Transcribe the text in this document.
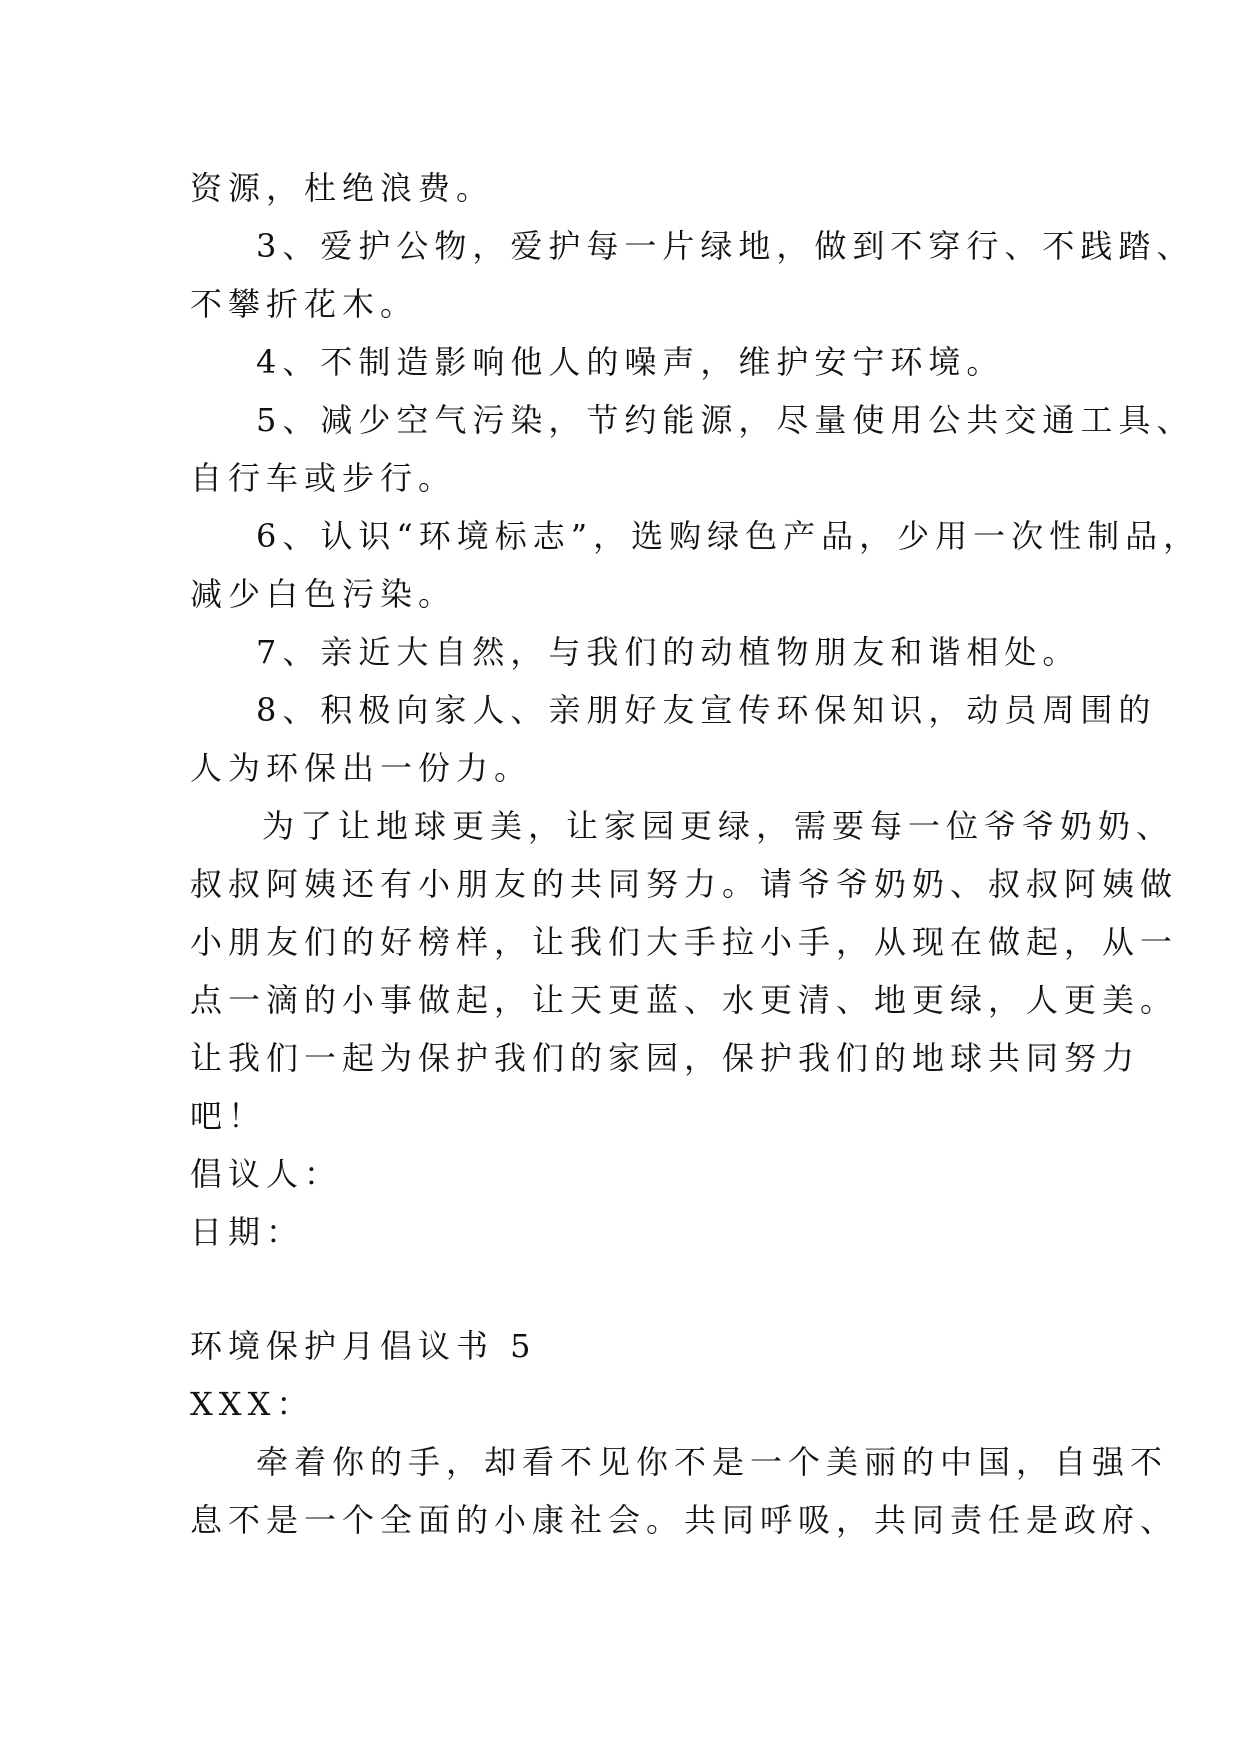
资源，杜绝浪费。
3、爱护公物，爱护每一片绿地，做到不穿行、不践踏、
不攀折花木。
4、不制造影响他人的噪声，维护安宁环境。
5、减少空气污染，节约能源，尽量使用公共交通工具、
自行车或步行。
6、认识“环境标志”，选购绿色产品，少用一次性制品，
减少白色污染。
7、亲近大自然，与我们的动植物朋友和谐相处。
8、积极向家人、亲朋好友宣传环保知识，动员周围的
人为环保出一份力。
为了让地球更美，让家园更绿，需要每一位爷爷奶奶、
叔叔阿姨还有小朋友的共同努力。请爷爷奶奶、叔叔阿姨做
小朋友们的好榜样，让我们大手拉小手，从现在做起，从一
点一滴的小事做起，让天更蓝、水更清、地更绿，人更美。
让我们一起为保护我们的家园，保护我们的地球共同努力
吧！
倡议人：
日期：
环境保护月倡议书 5
XXX：
牵着你的手，却看不见你不是一个美丽的中国，自强不
息不是一个全面的小康社会。共同呼吸，共同责任是政府、
